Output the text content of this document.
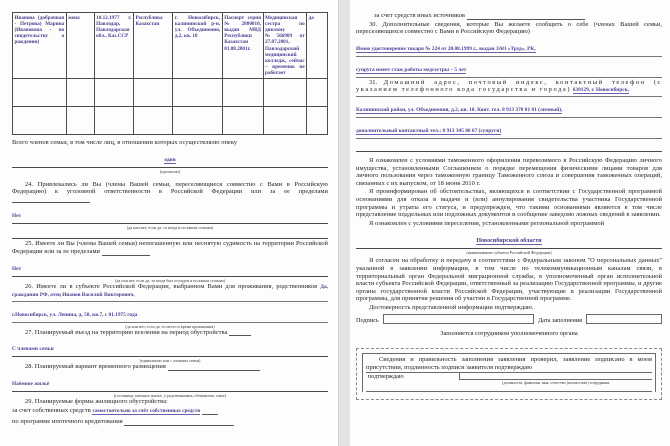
Иванова (добрачная - Петрова) Марина (Иванована - по свидетельству о рождении)	жена	10.12.1977 г. Павлодар, Павлодарская обл., Каз.ССР	Республика Казахстан	г. Новосибирск, калининский р-н, ул. Объединения, д.2, кв. 10	Паспорт серия №2800010, выдан МВД Республики Казахстан 01.08.2001г.	Медицинская сестра по диплому №566909 от 27.07.2001, Павлодарский медицинский колледж, сейчас – временно не работает	да

Всего членов семьи, в том числе лиц, в отношении которых осуществлялю опеку
один
(прописью)
24. Привлекались ли Вы (члены Вашей семьи, переселяющиеся совместно с Вами в Российскую Федерацию) к уголовной ответственности в Российской Федерации или за ее пределами
Нет
(да или нет, если да, то когда и по каким статьям)
25. Имеете ли Вы (члены Вашей семьи) непогашенную или неснятую судимость на территории Российской Федерации или за ее пределами
Нет
(да или нет, если да, то когда был осужден и по каким статьям)
26. Имеете ли в субъекте Российской Федерации, выбранном Вами для проживания, родственников Да, гражданин РФ, отец Иванов Василий Викторович,
г.Новосибирск, ул. Ленина, д. 50, кв.7, с 01.1975 года
(да или нет, если да, то место и время проживания)
27. Планируемый въезд на территорию вселения на период обустройства
С членами семьи
(единолично или с членами семьи)
28. Планируемый вариант временного размещения
Наёмное жильё
(гостиница, наемное жилье, у родственников, общежитие, иное)
29. Планируемые формы жилищного обустройства:
за счет собственных средств самостоятельно за счёт собственных средств
по программе ипотечного кредитования
за счет средств иных источников
30. Дополнительные сведения, которые Вы желаете сообщить о себе (членах Вашей семьи, переселяющихся совместно с Вами в Российскую Федерацию)
Имею удостоверение токаря № 224 от 20.08.1999 г., выдан ЗАО «Труд», РК,
супруга имеет стаж работы медсестры – 5 лет
31. Домашний адрес, почтовый индекс, контактный телефон (с указанием телефонного кода государства и города) 630129, г. Новосибирск,
Калининский район, ул. Объединения, д.2, кв. 10. Конт. тел. 8 913 370 01 01 (личный),
дополнительный контактный тел.: 8 913 345 86 67 (супруги)
Я ознакомлен с условиями таможенного оформления перевозимого в Российскую Федерацию личного имущества, установленными Соглашением о порядке перемещения физическими лицами товаров для личного пользования через таможенную границу Таможенного союза и совершения таможенных операций, связанных с их выпуском, от 18 июня 2010 г.
Я проинформирован об обстоятельствах, являющихся в соответствии с Государственной программой основаниями для отказа в выдаче и (или) аннулирования свидетельства участника Государственной программы и утраты его статуса, и предупрежден, что такими основаниями являются в том числе представление поддельных или подложных документов и сообщение заведомо ложных сведений в заявлении.
Я ознакомлен с условиями переселения, установленными региональной программой
Новосибирской области
(наименование субъекта Российской Федерации)
Я согласен на обработку и передачу в соответствии с Федеральным законом "О персональных данных" указанной в заявлении информации, в том числе по телекоммуникационным каналам связи, в территориальный орган Федеральной миграционной службы, в уполномоченный орган исполнительной власти субъекта Российской Федерации, ответственный за реализацию Государственной программы, и другие органы государственной власти Российской Федерации, участвующие в реализации Государственной программы, для принятия решения об участии в Государственной программе.
Достоверность представленной информации подтверждаю.
Подпись	Дата заполнения
Заполняется сотрудником уполномоченного органа
Сведения и правильность заполнения заявления проверил, заявление подписано в моем присутствии, подлинность подписи заявителя подтверждаю
подтверждаю
(должность, фамилия, имя, отчество (полностью) сотрудника,
